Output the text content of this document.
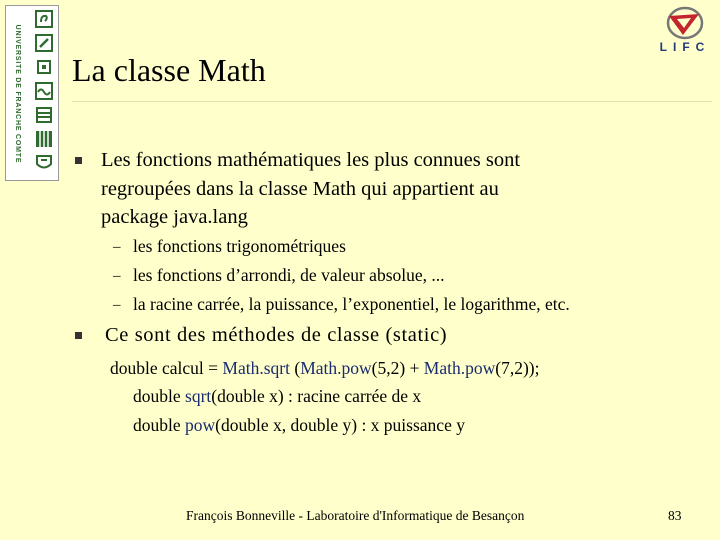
UNIVERSITE DE FRANCHE COMTE	LIFC
La classe Math
Les fonctions mathématiques les plus connues sont
regroupées dans la classe Math qui appartient au
package java.lang
– les fonctions trigonométriques
– les fonctions d’arrondi, de valeur absolue, ...
– la racine carrée, la puissance, l’exponentiel, le logarithme, etc.
Ce sont des méthodes de classe (static)
double calcul = Math.sqrt (Math.pow(5,2) + Math.pow(7,2));
double sqrt(double x) : racine carrée de x
double pow(double x, double y) : x puissance y
François Bonneville - Laboratoire d'Informatique de Besançon	83
